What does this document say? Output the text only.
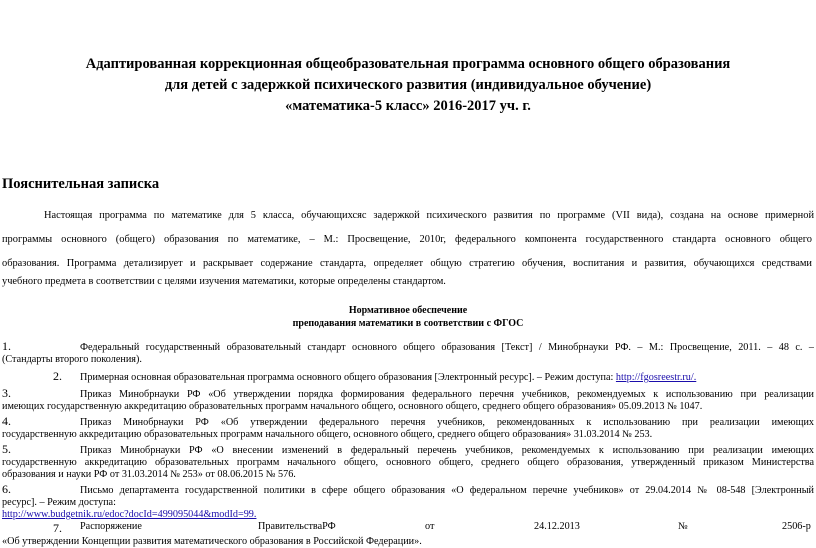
Адаптированная коррекционная общеобразовательная программа основного общего образования
для детей с задержкой психического развития (индивидуальное обучение)
«математика-5 класс» 2016-2017 уч. г.
Пояснительная записка
Настоящая программа по математике для 5 класса, обучающихсяс задержкой психического развития по программе (VII вида), создана на основе примерной
программы основного (общего) образования по математике, – М.: Просвещение, 2010г, федерального компонента государственного стандарта основного общего
образования. Программа детализирует и раскрывает содержание стандарта, определяет общую стратегию обучения, воспитания и развития, обучающихся средствами
учебного предмета в соответствии с целями изучения математики, которые определены стандартом.
Нормативное обеспечение
преподавания математики в соответствии с ФГОС
1.	Федеральный государственный образовательный стандарт основного общего образования [Текст] / Минобрнауки РФ. – М.: Просвещение, 2011. – 48 с. –
(Стандарты второго поколения).
2. Примерная основная образовательная программа основного общего образования [Электронный ресурс]. – Режим доступа: http://fgosreestr.ru/.
3.	Приказ Минобрнауки РФ «Об утверждении порядка формирования федерального перечня учебников, рекомендуемых к использованию при реализации
имеющих государственную аккредитацию образовательных программ начального общего, основного общего, среднего общего образования» 05.09.2013 № 1047.
4.	Приказ Минобрнауки РФ «Об утверждении федерального перечня учебников, рекомендованных к использованию при реализации имеющих
государственную аккредитацию образовательных программ начального общего, основного общего, среднего общего образования» 31.03.2014 № 253.
5.	Приказ Минобрнауки РФ «О внесении изменений в федеральный перечень учебников, рекомендуемых к использованию при реализации имеющих
государственную аккредитацию образовательных программ начального общего, основного общего, среднего общего образования, утвержденный приказом Министерства
образования и науки РФ от 31.03.2014 № 253» от 08.06.2015 № 576.
6.	Письмо департамента государственной политики в сфере общего образования «О федеральном перечне учебников» от 29.04.2014 № 08-548 [Электронный
ресурс]. – Режим доступа:
http://www.budgetnik.ru/edoc?docId=499095044&modId=99.
7. Распоряжение	ПравительстваРФ	от	24.12.2013	№	2506-р
«Об утверждении Концепции развития математического образования в Российской Федерации».
